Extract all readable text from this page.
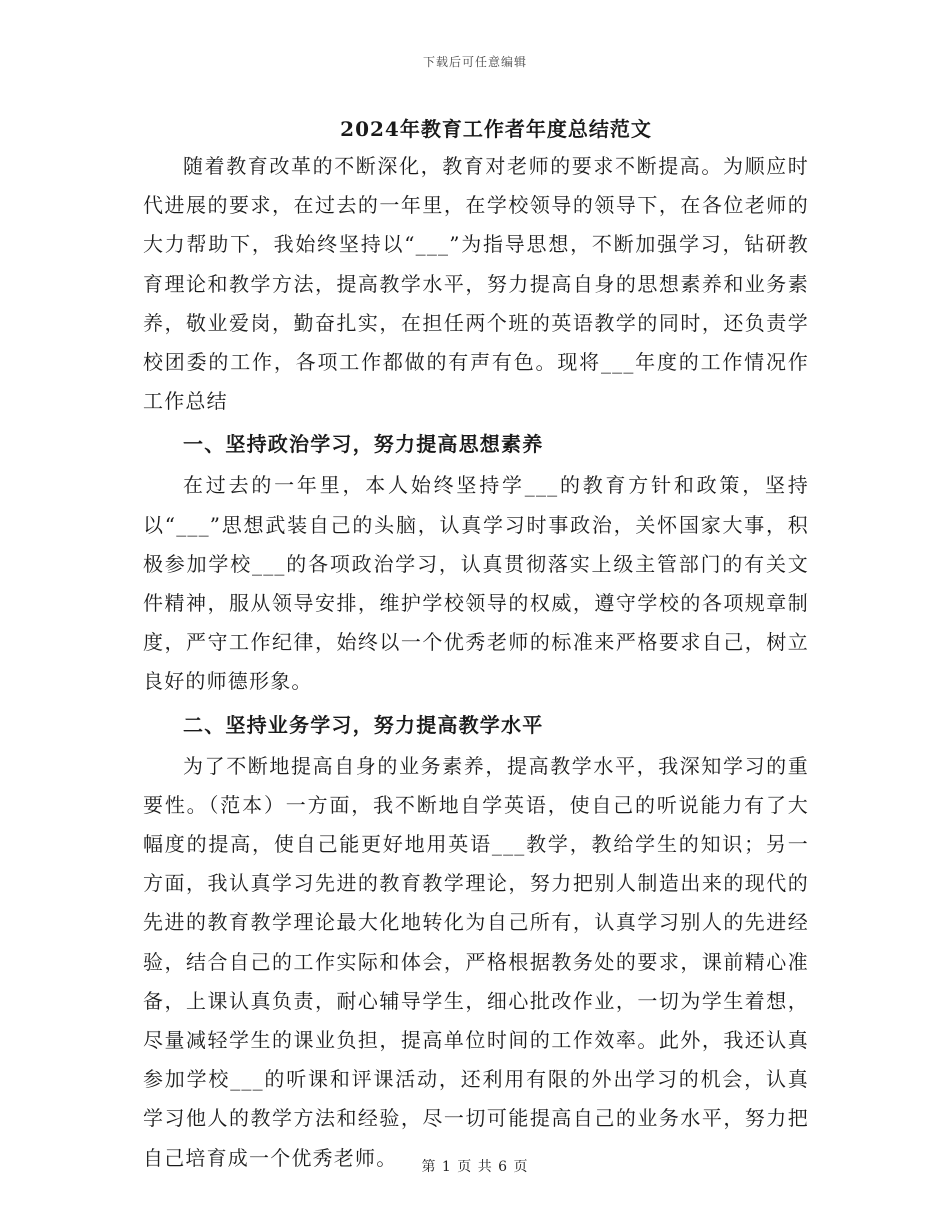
下载后可任意编辑
2024年教育工作者年度总结范文

随着教育改革的不断深化，教育对老师的要求不断提高。为顺应时代进展的要求，在过去的一年里，在学校领导的领导下，在各位老师的大力帮助下，我始终坚持以“___”为指导思想，不断加强学习，钻研教育理论和教学方法，提高教学水平，努力提高自身的思想素养和业务素养，敬业爱岗，勤奋扎实，在担任两个班的英语教学的同时，还负责学校团委的工作，各项工作都做的有声有色。现将___年度的工作情况作工作总结

一、坚持政治学习，努力提高思想素养

在过去的一年里，本人始终坚持学___的教育方针和政策，坚持以“___”思想武装自己的头脑，认真学习时事政治，关怀国家大事，积极参加学校___的各项政治学习，认真贯彻落实上级主管部门的有关文件精神，服从领导安排，维护学校领导的权威，遵守学校的各项规章制度，严守工作纪律，始终以一个优秀老师的标准来严格要求自己，树立良好的师德形象。

二、坚持业务学习，努力提高教学水平

为了不断地提高自身的业务素养，提高教学水平，我深知学习的重要性。（范本）一方面，我不断地自学英语，使自己的听说能力有了大幅度的提高，使自己能更好地用英语___教学，教给学生的知识；另一方面，我认真学习先进的教育教学理论，努力把别人制造出来的现代的先进的教育教学理论最大化地转化为自己所有，认真学习别人的先进经验，结合自己的工作实际和体会，严格根据教务处的要求，课前精心准备，上课认真负责，耐心辅导学生，细心批改作业，一切为学生着想，尽量减轻学生的课业负担，提高单位时间的工作效率。此外，我还认真参加学校___的听课和评课活动，还利用有限的外出学习的机会，认真学习他人的教学方法和经验，尽一切可能提高自己的业务水平，努力把自己培育成一个优秀老师。	第 1 页 共 6 页
